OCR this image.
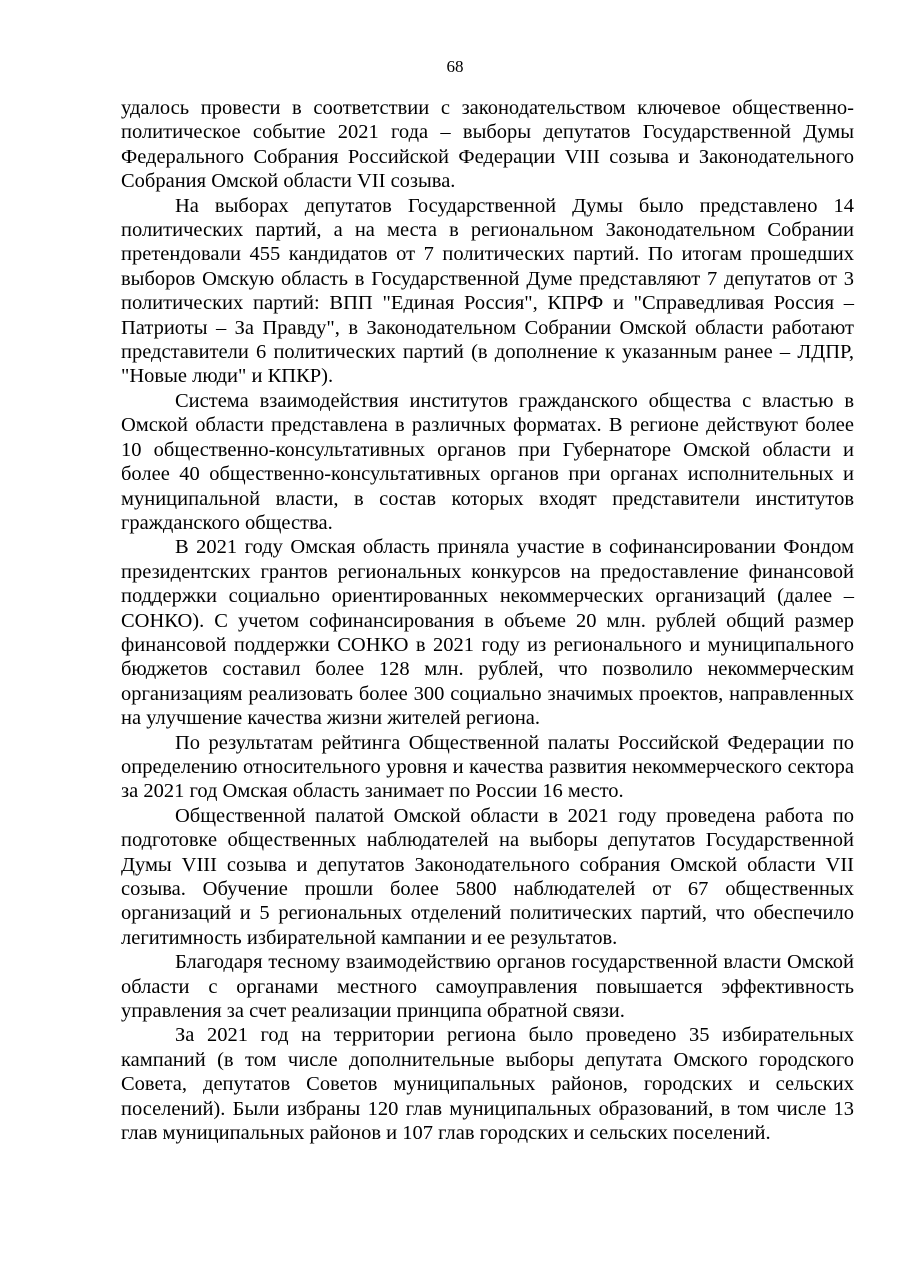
68

удалось провести в соответствии с законодательством ключевое общественно-политическое событие 2021 года – выборы депутатов Государственной Думы Федерального Собрания Российской Федерации VIII созыва и Законодательного Собрания Омской области VII созыва.

На выборах депутатов Государственной Думы было представлено 14 политических партий, а на места в региональном Законодательном Собрании претендовали 455 кандидатов от 7 политических партий. По итогам прошедших выборов Омскую область в Государственной Думе представляют 7 депутатов от 3 политических партий: ВПП "Единая Россия", КПРФ и "Справедливая Россия – Патриоты – За Правду", в Законодательном Собрании Омской области работают представители 6 политических партий (в дополнение к указанным ранее – ЛДПР, "Новые люди" и КПКР).

Система взаимодействия институтов гражданского общества с властью в Омской области представлена в различных форматах. В регионе действуют более 10 общественно-консультативных органов при Губернаторе Омской области и более 40 общественно-консультативных органов при органах исполнительных и муниципальной власти, в состав которых входят представители институтов гражданского общества.

В 2021 году Омская область приняла участие в софинансировании Фондом президентских грантов региональных конкурсов на предоставление финансовой поддержки социально ориентированных некоммерческих организаций (далее – СОНКО). С учетом софинансирования в объеме 20 млн. рублей общий размер финансовой поддержки СОНКО в 2021 году из регионального и муниципального бюджетов составил более 128 млн. рублей, что позволило некоммерческим организациям реализовать более 300 социально значимых проектов, направленных на улучшение качества жизни жителей региона.

По результатам рейтинга Общественной палаты Российской Федерации по определению относительного уровня и качества развития некоммерческого сектора за 2021 год Омская область занимает по России 16 место.

Общественной палатой Омской области в 2021 году проведена работа по подготовке общественных наблюдателей на выборы депутатов Государственной Думы VIII созыва и депутатов Законодательного собрания Омской области VII созыва. Обучение прошли более 5800 наблюдателей от 67 общественных организаций и 5 региональных отделений политических партий, что обеспечило легитимность избирательной кампании и ее результатов.

Благодаря тесному взаимодействию органов государственной власти Омской области с органами местного самоуправления повышается эффективность управления за счет реализации принципа обратной связи.

За 2021 год на территории региона было проведено 35 избирательных кампаний (в том числе дополнительные выборы депутата Омского городского Совета, депутатов Советов муниципальных районов, городских и сельских поселений). Были избраны 120 глав муниципальных образований, в том числе 13 глав муниципальных районов и 107 глав городских и сельских поселений.
